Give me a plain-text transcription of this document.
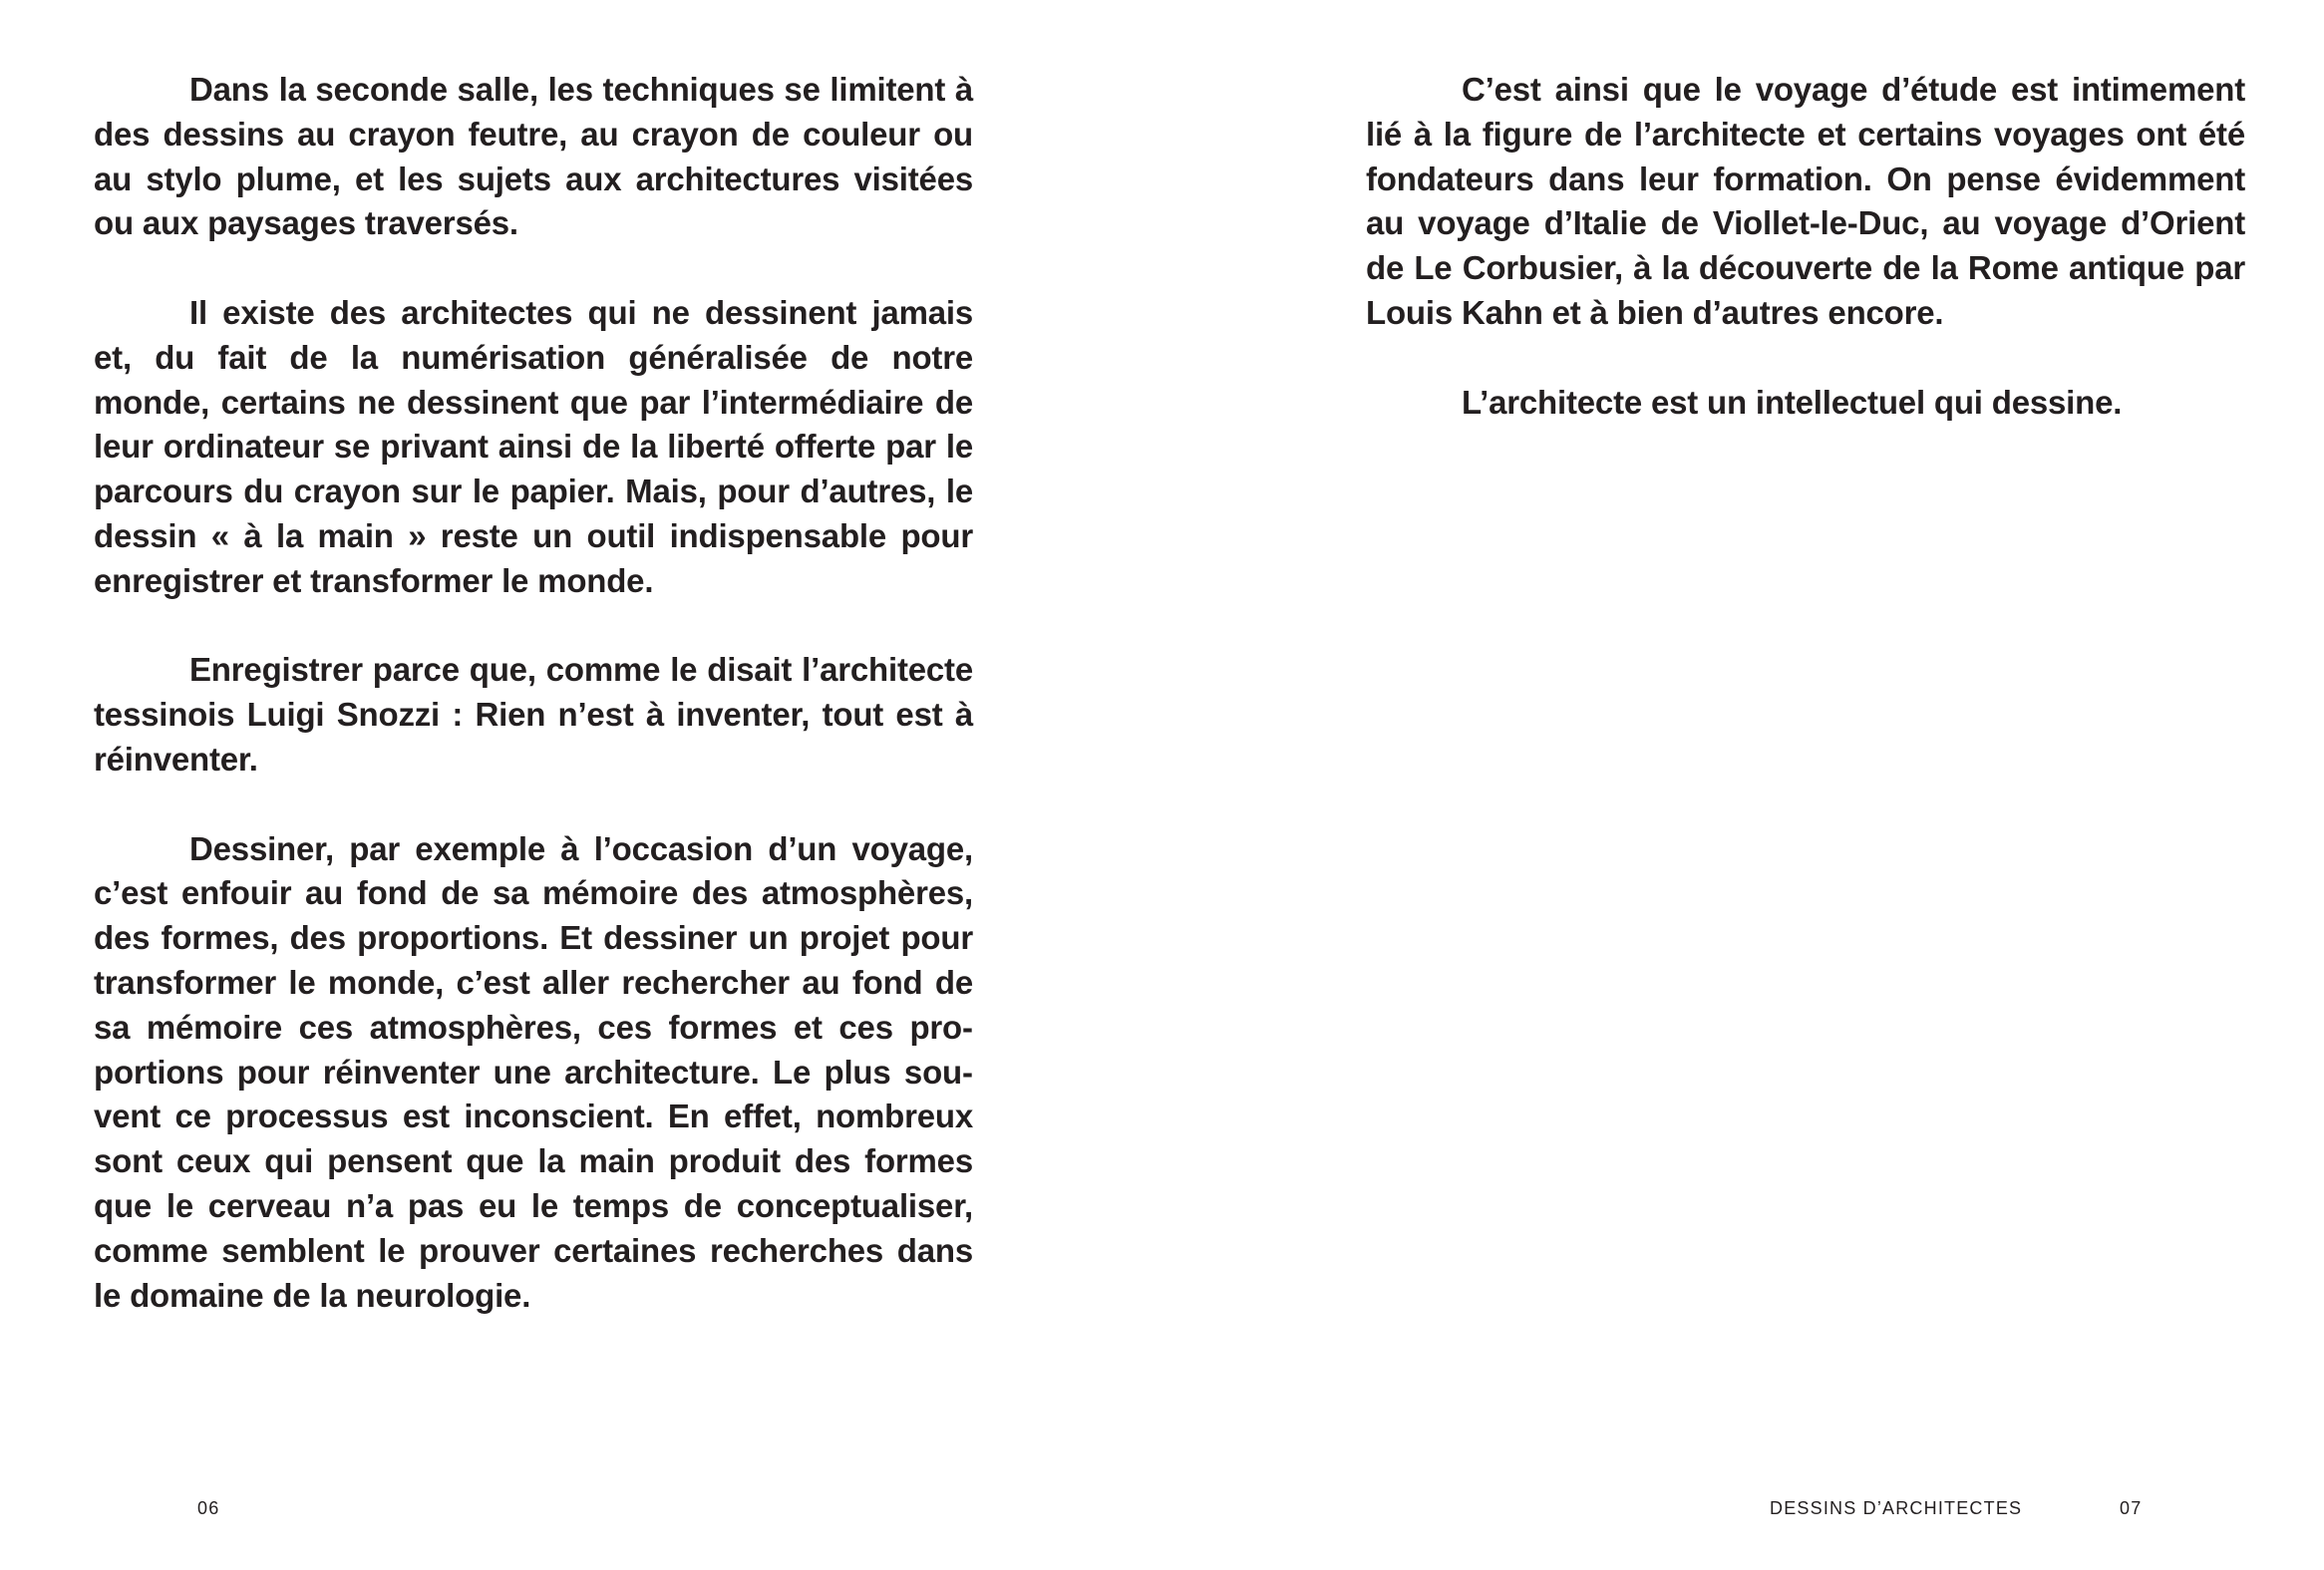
Dans la seconde salle, les techniques se limitent à des dessins au crayon feutre, au crayon de couleur ou au stylo plume, et les sujets aux architectures visitées ou aux paysages traversés.

Il existe des architectes qui ne dessinent jamais et, du fait de la numérisation généralisée de notre monde, certains ne dessinent que par l’intermédiaire de leur ordinateur se privant ainsi de la liberté offerte par le parcours du crayon sur le papier. Mais, pour d’autres, le dessin « à la main » reste un outil indispensable pour enregistrer et transformer le monde.

Enregistrer parce que, comme le disait l’architecte tessinois Luigi Snozzi : Rien n’est à inventer, tout est à réinventer.

Dessiner, par exemple à l’occasion d’un voyage, c’est enfouir au fond de sa mémoire des atmosphères, des formes, des proportions. Et dessiner un projet pour transformer le monde, c’est aller rechercher au fond de sa mémoire ces atmosphères, ces formes et ces proportions pour réinventer une architecture. Le plus souvent ce processus est inconscient. En effet, nombreux sont ceux qui pensent que la main produit des formes que le cerveau n’a pas eu le temps de conceptualiser, comme semblent le prouver certaines recherches dans le domaine de la neurologie.

06

C’est ainsi que le voyage d’étude est intimement lié à la figure de l’architecte et certains voyages ont été fondateurs dans leur formation. On pense évidemment au voyage d’Italie de Viollet-le-Duc, au voyage d’Orient de Le Corbusier, à la découverte de la Rome antique par Louis Kahn et à bien d’autres encore.

L’architecte est un intellectuel qui dessine.

DESSINS D’ARCHITECTES	07
